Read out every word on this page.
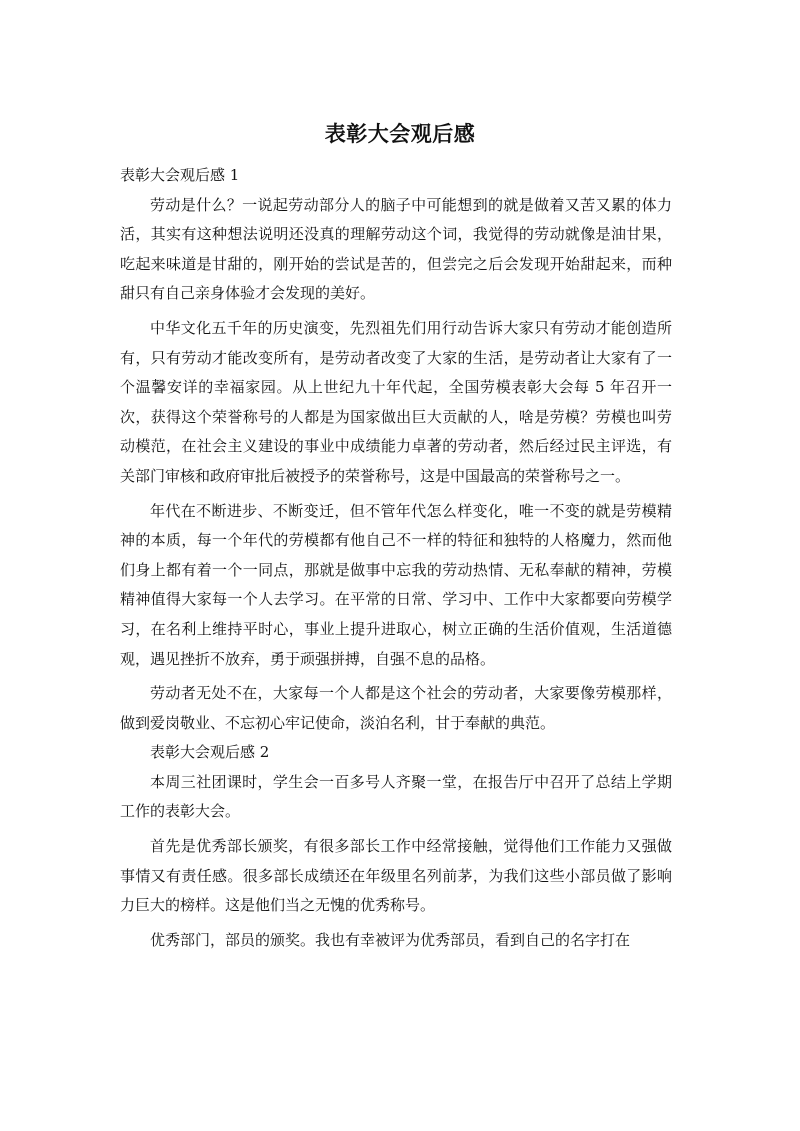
表彰大会观后感
表彰大会观后感 1

劳动是什么？一说起劳动部分人的脑子中可能想到的就是做着又苦又累的体力活，其实有这种想法说明还没真的理解劳动这个词，我觉得的劳动就像是油甘果，吃起来味道是甘甜的，刚开始的尝试是苦的，但尝完之后会发现开始甜起来，而种甜只有自己亲身体验才会发现的美好。

中华文化五千年的历史演变，先烈祖先们用行动告诉大家只有劳动才能创造所有，只有劳动才能改变所有，是劳动者改变了大家的生活，是劳动者让大家有了一个温馨安详的幸福家园。从上世纪九十年代起，全国劳模表彰大会每 5 年召开一次，获得这个荣誉称号的人都是为国家做出巨大贡献的人，啥是劳模？劳模也叫劳动模范，在社会主义建设的事业中成绩能力卓著的劳动者，然后经过民主评选，有关部门审核和政府审批后被授予的荣誉称号，这是中国最高的荣誉称号之一。

年代在不断进步、不断变迁，但不管年代怎么样变化，唯一不变的就是劳模精神的本质，每一个年代的劳模都有他自己不一样的特征和独特的人格魔力，然而他们身上都有着一个一同点，那就是做事中忘我的劳动热情、无私奉献的精神，劳模精神值得大家每一个人去学习。在平常的日常、学习中、工作中大家都要向劳模学习，在名利上维持平时心，事业上提升进取心，树立正确的生活价值观，生活道德观，遇见挫折不放弃，勇于顽强拼搏，自强不息的品格。

劳动者无处不在，大家每一个人都是这个社会的劳动者，大家要像劳模那样，做到爱岗敬业、不忘初心牢记使命，淡泊名利，甘于奉献的典范。

表彰大会观后感 2

本周三社团课时，学生会一百多号人齐聚一堂，在报告厅中召开了总结上学期工作的表彰大会。

首先是优秀部长颁奖，有很多部长工作中经常接触，觉得他们工作能力又强做事情又有责任感。很多部长成绩还在年级里名列前茅，为我们这些小部员做了影响力巨大的榜样。这是他们当之无愧的优秀称号。

优秀部门，部员的颁奖。我也有幸被评为优秀部员，看到自己的名字打在
